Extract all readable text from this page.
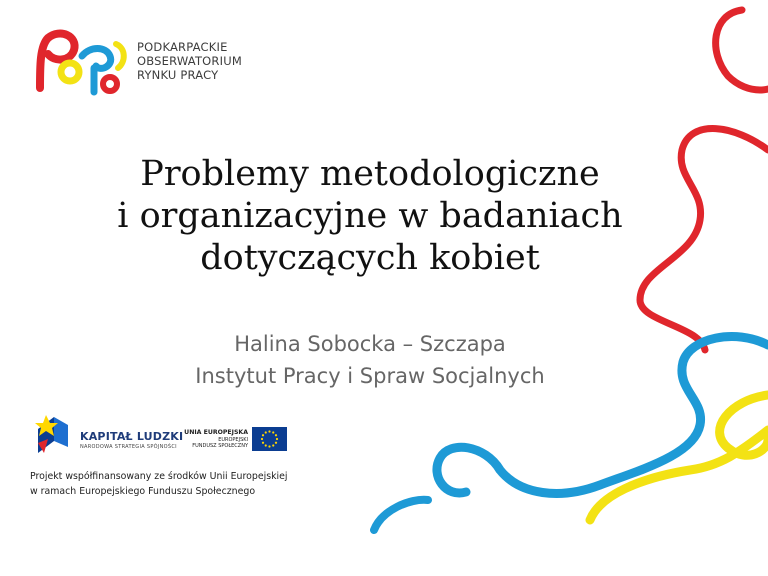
PODKARPACKIE
OBSERWATORIUM
RYNKU PRACY
Problemy metodologiczne
i organizacyjne w badaniach
dotyczących kobiet
Halina Sobocka – Szczapa
Instytut Pracy i Spraw Socjalnych
KAPITAŁ LUDZKI
NARODOWA STRATEGIA SPÓJNOŚCI
UNIA EUROPEJSKA
EUROPEJSKI
FUNDUSZ SPOŁECZNY
Projekt współfinansowany ze środków Unii Europejskiej
w ramach Europejskiego Funduszu Społecznego
